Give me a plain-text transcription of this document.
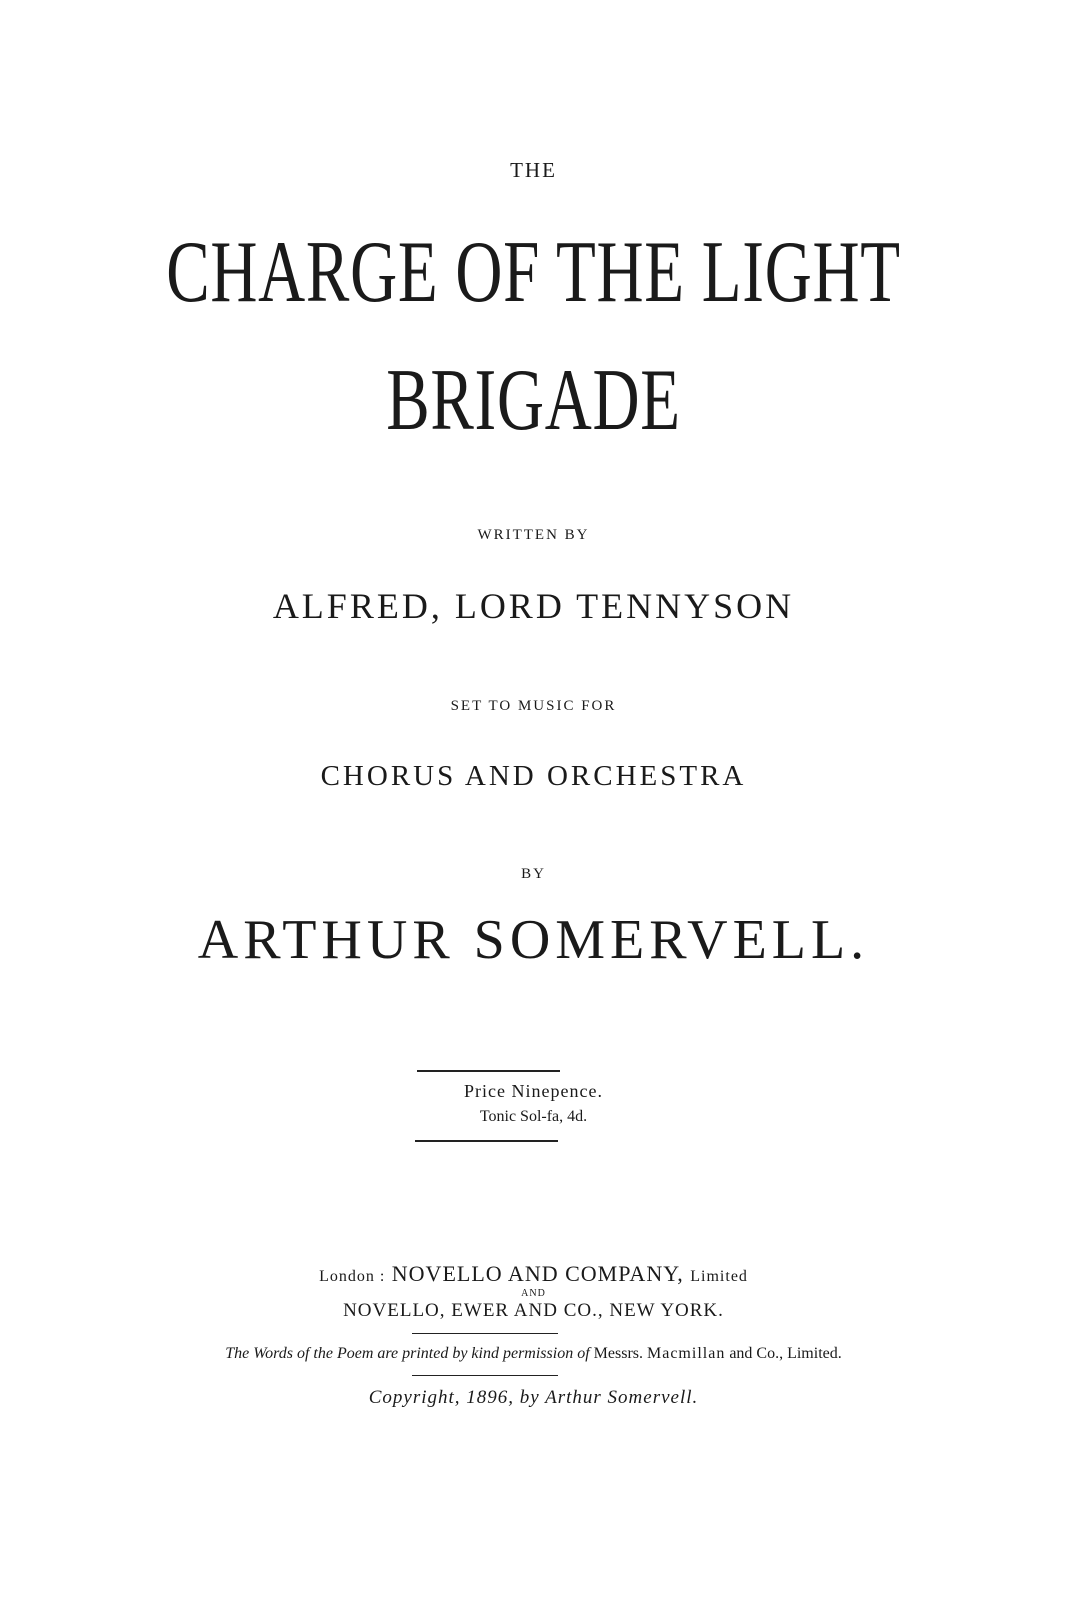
THE
CHARGE OF THE LIGHT
BRIGADE
WRITTEN BY
ALFRED, LORD TENNYSON
SET TO MUSIC FOR
CHORUS AND ORCHESTRA
BY
ARTHUR SOMERVELL.
Price Ninepence.
Tonic Sol-fa, 4d.
London : NOVELLO AND COMPANY, Limited
AND
NOVELLO, EWER AND CO., NEW YORK.
The Words of the Poem are printed by kind permission of Messrs. Macmillan and Co., Limited.
Copyright, 1896, by Arthur Somervell.
